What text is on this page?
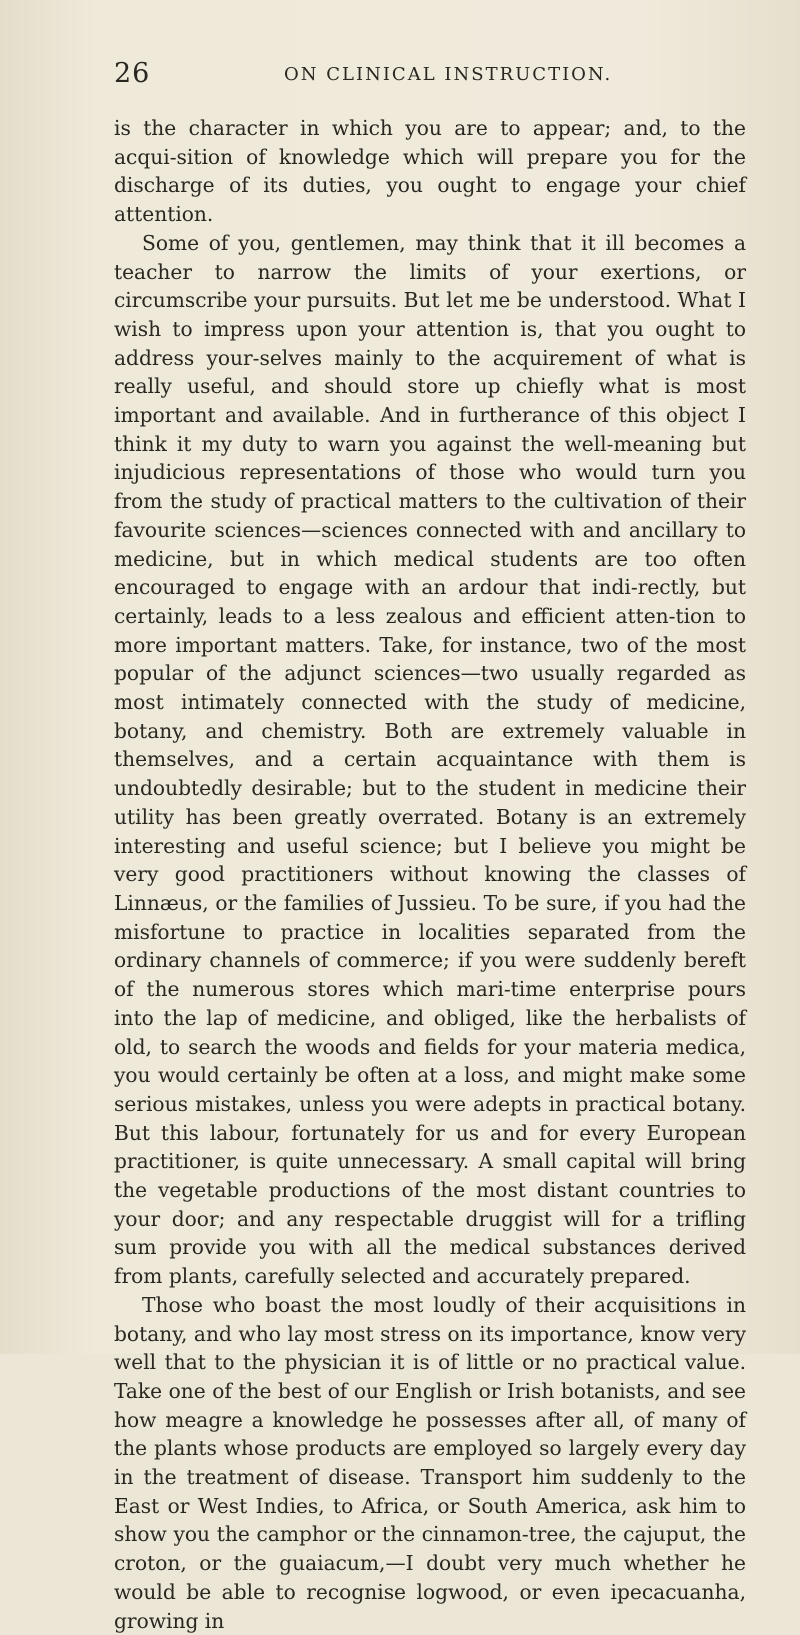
26	ON CLINICAL INSTRUCTION.

is the character in which you are to appear; and, to the acqui-sition of knowledge which will prepare you for the discharge of its duties, you ought to engage your chief attention.

Some of you, gentlemen, may think that it ill becomes a teacher to narrow the limits of your exertions, or circumscribe your pursuits. But let me be understood. What I wish to impress upon your attention is, that you ought to address your-selves mainly to the acquirement of what is really useful, and should store up chiefly what is most important and available. And in furtherance of this object I think it my duty to warn you against the well-meaning but injudicious representations of those who would turn you from the study of practical matters to the cultivation of their favourite sciences—sciences connected with and ancillary to medicine, but in which medical students are too often encouraged to engage with an ardour that indi-rectly, but certainly, leads to a less zealous and efficient atten-tion to more important matters. Take, for instance, two of the most popular of the adjunct sciences—two usually regarded as most intimately connected with the study of medicine, botany, and chemistry. Both are extremely valuable in themselves, and a certain acquaintance with them is undoubtedly desirable; but to the student in medicine their utility has been greatly overrated. Botany is an extremely interesting and useful science; but I believe you might be very good practitioners without knowing the classes of Linnæus, or the families of Jussieu. To be sure, if you had the misfortune to practice in localities separated from the ordinary channels of commerce; if you were suddenly bereft of the numerous stores which mari-time enterprise pours into the lap of medicine, and obliged, like the herbalists of old, to search the woods and fields for your materia medica, you would certainly be often at a loss, and might make some serious mistakes, unless you were adepts in practical botany. But this labour, fortunately for us and for every European practitioner, is quite unnecessary. A small capital will bring the vegetable productions of the most distant countries to your door; and any respectable druggist will for a trifling sum provide you with all the medical substances derived from plants, carefully selected and accurately prepared.

Those who boast the most loudly of their acquisitions in botany, and who lay most stress on its importance, know very well that to the physician it is of little or no practical value. Take one of the best of our English or Irish botanists, and see how meagre a knowledge he possesses after all, of many of the plants whose products are employed so largely every day in the treatment of disease. Transport him suddenly to the East or West Indies, to Africa, or South America, ask him to show you the camphor or the cinnamon-tree, the cajuput, the croton, or the guaiacum,—I doubt very much whether he would be able to recognise logwood, or even ipecacuanha, growing in
